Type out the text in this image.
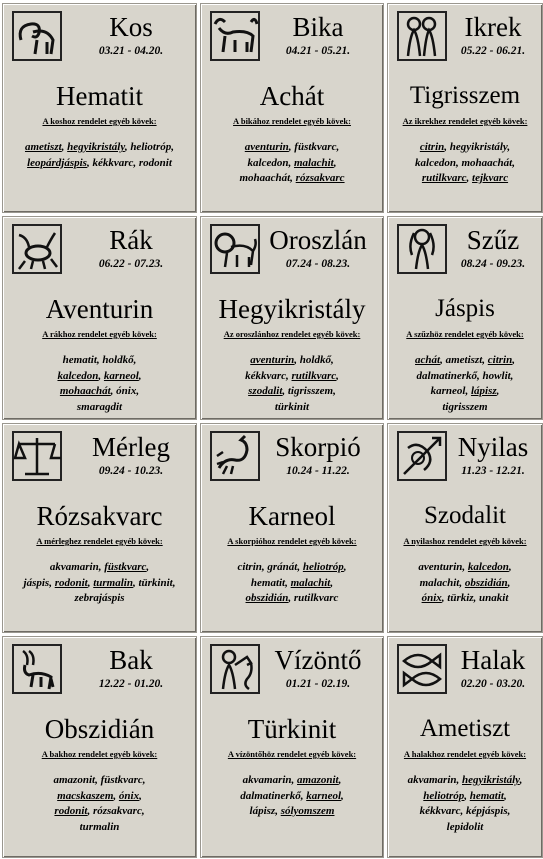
Kos
03.21 - 04.20.
Hematit
A koshoz rendelet egyéb kövek:
ametiszt, hegyikristály, heliotróp,
leopárdjáspis, kékkvarc, rodonit
Bika
04.21 - 05.21.
Achát
A bikához rendelet egyéb kövek:
aventurin, füstkvarc,
kalcedon, malachit,
mohaachát, rózsakvarc
Ikrek
05.22 - 06.21.
Tigrisszem
Az ikrekhez rendelet egyéb kövek:
citrin, hegyikristály,
kalcedon, mohaachát,
rutilkvarc, tejkvarc
Rák
06.22 - 07.23.
Aventurin
A rákhoz rendelet egyéb kövek:
hematit, holdkő,
kalcedon, karneol,
mohaachát, ónix,
smaragdit
Oroszlán
07.24 - 08.23.
Hegyikristály
Az oroszlánhoz rendelet egyéb kövek:
aventurin, holdkő,
kékkvarc, rutilkvarc,
szodalit, tigrisszem,
türkinit
Szűz
08.24 - 09.23.
Jáspis
A szűzhöz rendelet egyéb kövek:
achát, ametiszt, citrin,
dalmatinerkő, howlit,
karneol, lápisz,
tigrisszem
Mérleg
09.24 - 10.23.
Rózsakvarc
A mérleghez rendelet egyéb kövek:
akvamarin, füstkvarc,
jáspis, rodonit, turmalin, türkinit,
zebrajáspis
Skorpió
10.24 - 11.22.
Karneol
A skorpióhoz rendelet egyéb kövek:
citrin, gránát, heliotróp,
hematit, malachit,
obszidián, rutilkvarc
Nyilas
11.23 - 12.21.
Szodalit
A nyilashoz rendelet egyéb kövek:
aventurin, kalcedon,
malachit, obszidián,
ónix, türkiz, unakit
Bak
12.22 - 01.20.
Obszidián
A bakhoz rendelet egyéb kövek:
amazonit, füstkvarc,
macskaszem, ónix,
rodonit, rózsakvarc,
turmalin
Vízöntő
01.21 - 02.19.
Türkinit
A vízöntőhöz rendelet egyéb kövek:
akvamarin, amazonit,
dalmatinerkő, karneol,
lápisz, sólyomszem
Halak
02.20 - 03.20.
Ametiszt
A halakhoz rendelet egyéb kövek:
akvamarin, hegyikristály,
heliotróp, hematit,
kékkvarc, képjáspis,
lepidolit
